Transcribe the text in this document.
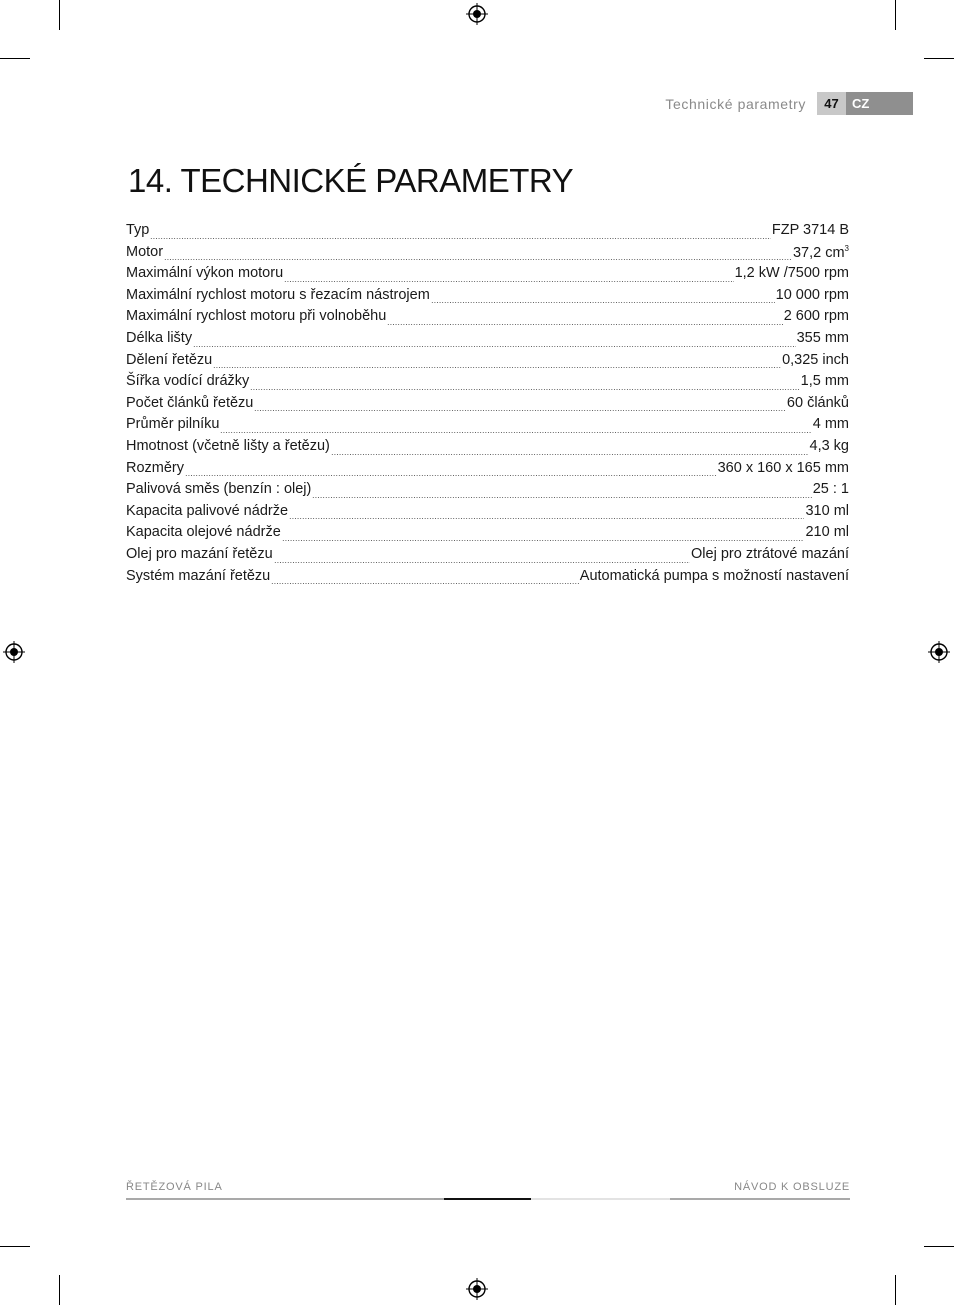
Technické parametry	47	CZ
14. TECHNICKÉ PARAMETRY
Typ	FZP 3714 B
Motor	37,2 $cm^3$
Maximální výkon motoru	1,2 kW /7500 rpm
Maximální rychlost motoru s řezacím nástrojem	10 000 rpm
Maximální rychlost motoru při volnoběhu	2 600 rpm
Délka lišty	355 mm
Dělení řetězu	0,325 inch
Šířka vodící drážky	1,5 mm
Počet článků řetězu	60 článků
Průměr pilníku	4 mm
Hmotnost (včetně lišty a řetězu)	4,3 kg
Rozměry	360 x 160 x 165 mm
Palivová směs (benzín : olej)	25 : 1
Kapacita palivové nádrže	310 ml
Kapacita olejové nádrže	210 ml
Olej pro mazání řetězu	Olej pro ztrátové mazání
Systém mazání řetězu	Automatická pumpa s možností nastavení
ŘETĚZOVÁ PILA	NÁVOD K OBSLUZE
